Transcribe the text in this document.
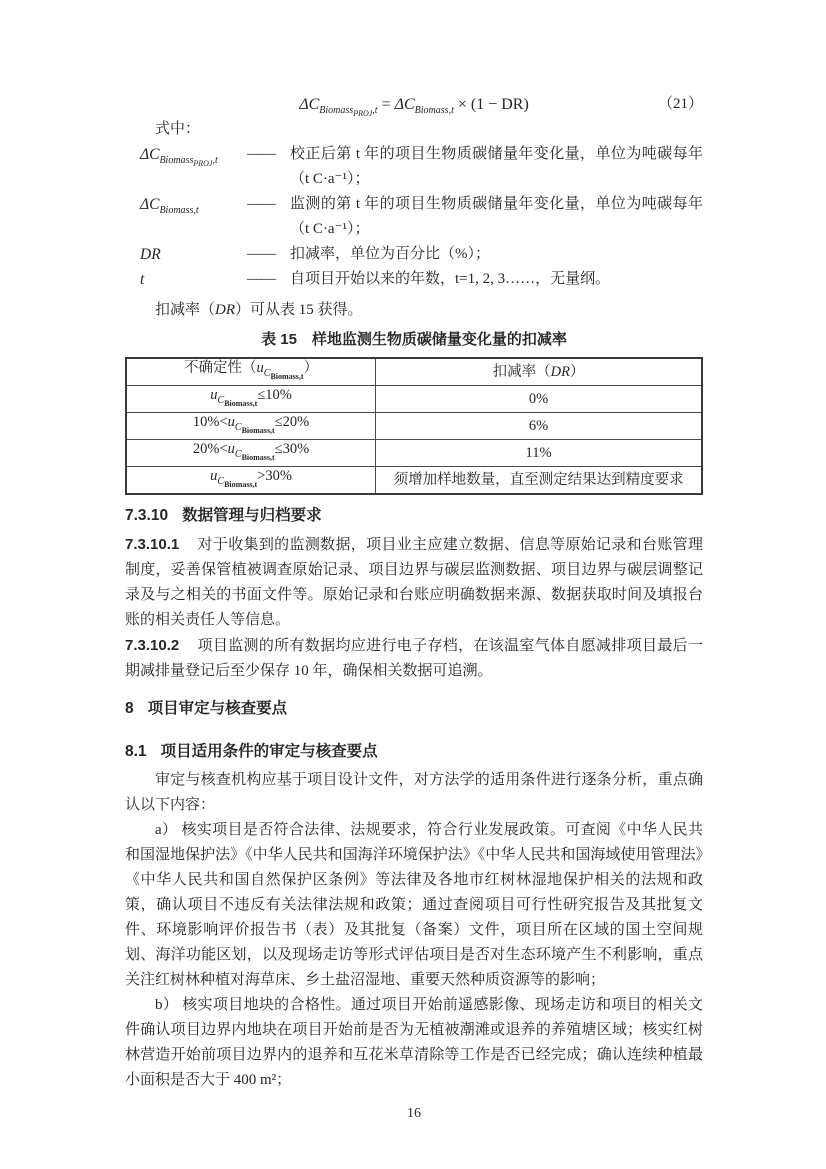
$\Delta C_{Biomass_{PROJ},t} = \Delta C_{Biomass,t} \times (1 - DR)$	（21）
式中：
$\Delta C_{Biomass_{PROJ},t}$	——	校正后第 t 年的项目生物质碳储量年变化量，单位为吨碳每年（t C·a⁻¹）；
$\Delta C_{Biomass,t}$	——	监测的第 t 年的项目生物质碳储量年变化量，单位为吨碳每年（t C·a⁻¹）；
DR	——	扣减率，单位为百分比（%）；
t	——	自项目开始以来的年数，t=1, 2, 3……，无量纲。

扣减率（DR）可从表 15 获得。

表 15　样地监测生物质碳储量变化量的扣减率
不确定性$(u_{C_{Biomass,t}})$	扣减率（DR）
$u_{C_{Biomass,t}}\le 10\%$	0%
$10\%<u_{C_{Biomass,t}}\le 20\%$	6%
$20\%<u_{C_{Biomass,t}}\le 30\%$	11%
$u_{C_{Biomass,t}}>30\%$	须增加样地数量，直至测定结果达到精度要求
7.3.10 数据管理与归档要求

7.3.10.1 对于收集到的监测数据，项目业主应建立数据、信息等原始记录和台账管理制度，妥善保管植被调查原始记录、项目边界与碳层监测数据、项目边界与碳层调整记录及与之相关的书面文件等。原始记录和台账应明确数据来源、数据获取时间及填报台账的相关责任人等信息。

7.3.10.2 项目监测的所有数据均应进行电子存档，在该温室气体自愿减排项目最后一期减排量登记后至少保存 10 年，确保相关数据可追溯。

8 项目审定与核查要点
8.1 项目适用条件的审定与核查要点

审定与核查机构应基于项目设计文件，对方法学的适用条件进行逐条分析，重点确认以下内容：

a） 核实项目是否符合法律、法规要求，符合行业发展政策。可查阅《中华人民共和国湿地保护法》《中华人民共和国海洋环境保护法》《中华人民共和国海域使用管理法》《中华人民共和国自然保护区条例》等法律及各地市红树林湿地保护相关的法规和政策，确认项目不违反有关法律法规和政策；通过查阅项目可行性研究报告及其批复文件、环境影响评价报告书（表）及其批复（备案）文件，项目所在区域的国土空间规划、海洋功能区划，以及现场走访等形式评估项目是否对生态环境产生不利影响，重点关注红树林种植对海草床、乡土盐沼湿地、重要天然种质资源等的影响；

b） 核实项目地块的合格性。通过项目开始前遥感影像、现场走访和项目的相关文件确认项目边界内地块在项目开始前是否为无植被潮滩或退养的养殖塘区域；核实红树林营造开始前项目边界内的退养和互花米草清除等工作是否已经完成；确认连续种植最小面积是否大于 400 m²；

16
